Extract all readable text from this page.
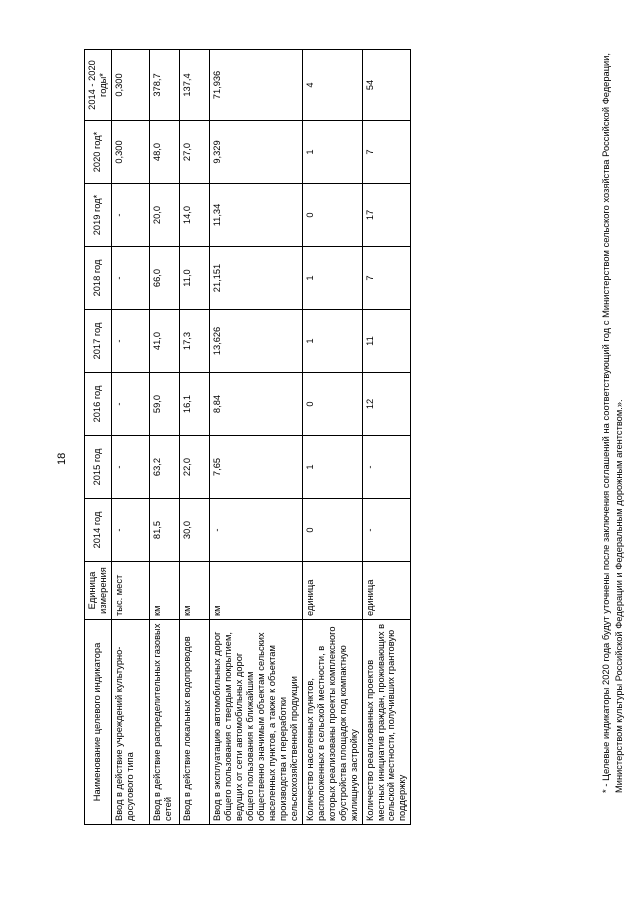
18
Наименование целевого индикатора	Единица измерения	2014 год	2015 год	2016 год	2017 год	2018 год	2019 год*	2020 год*	2014 - 2020 годы*
Ввод в действие учреждений культурно-досугового типа	тыс. мест	-	-	-	-	-	-	0,300	0,300
Ввод в действие распределительных газовых сетей	км	81,5	63,2	59,0	41,0	66,0	20,0	48,0	378,7
Ввод в действие локальных водопроводов	км	30,0	22,0	16,1	17,3	11,0	14,0	27,0	137,4
Ввод в эксплуатацию автомобильных дорог общего пользования с твердым покрытием, ведущих от сети автомобильных дорог общего пользования к ближайшим общественно значимым объектам сельских населенных пунктов, а также к объектам производства и переработки сельскохозяйственной продукции	км	-	7,65	8,84	13,626	21,151	11,34	9,329	71,936
Количество населенных пунктов, расположенных в сельской местности, в которых реализованы проекты комплексного обустройства площадок под компактную жилищную застройку	единица	0	1	0	1	1	0	1	4
Количество реализованных проектов местных инициатив граждан, проживающих в сельской местности, получивших грантовую поддержку	единица	-	-	12	11	7	17	7	54	* - Целевые индикаторы 2020 года будут уточнены после заключения соглашений на соответствующий год с Министерством сельского хозяйства Российской Федерации, Министерством культуры Российской Федерации и Федеральным дорожным агентством.».
